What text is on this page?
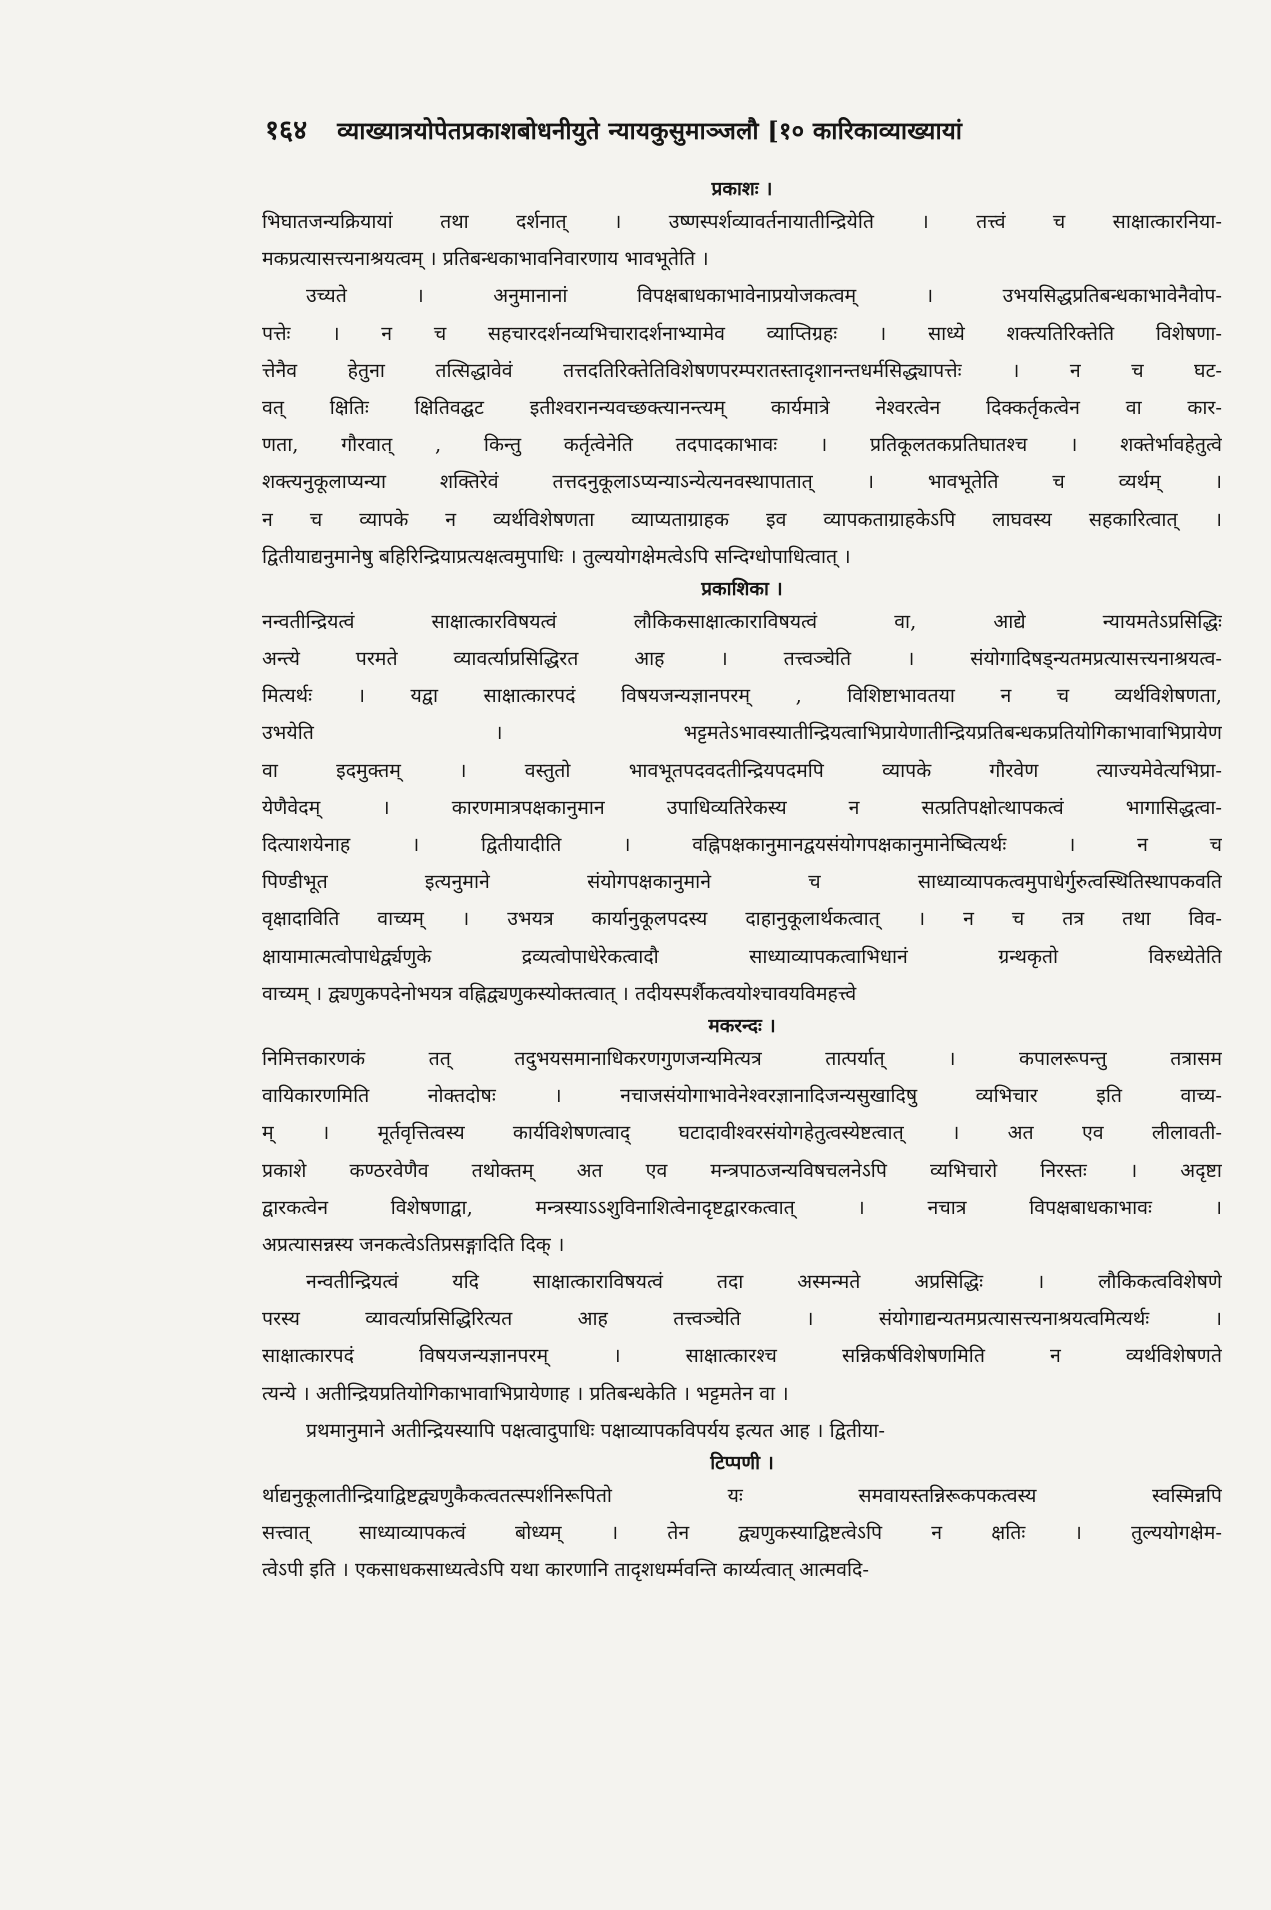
१६४ व्याख्यात्रयोपेतप्रकाशबोधनीयुते न्यायकुसुमाञ्जलौ [१० कारिकाव्याख्यायां
प्रकाशः ।
भिघातजन्यक्रियायां तथा दर्शनात् । उष्णस्पर्शव्यावर्तनायातीन्द्रियेति । तत्त्वं च साक्षात्कारनिया-
मकप्रत्यासत्त्यनाश्रयत्वम् । प्रतिबन्धकाभावनिवारणाय भावभूतेति ।
उच्यते । अनुमानानां विपक्षबाधकाभावेनाप्रयोजकत्वम् । उभयसिद्धप्रतिबन्धकाभावेनैवोप-
पत्तेः । न च सहचारदर्शनव्यभिचारादर्शनाभ्यामेव व्याप्तिग्रहः । साध्ये शक्त्यतिरिक्तेति विशेषणा-
त्तेनैव हेतुना तत्सिद्धावेवं तत्तदतिरिक्तेतिविशेषणपरम्परातस्तादृशानन्तधर्मसिद्ध्यापत्तेः । न च घट-
वत् क्षितिः क्षितिवद्घट इतीश्वरानन्यवच्छक्त्यानन्त्यम् कार्यमात्रे नेश्वरत्वेन दिक्कर्तृकत्वेन वा कार-
णता, गौरवात् , किन्तु कर्तृत्वेनेति तदपादकाभावः । प्रतिकूलतकप्रतिघातश्च । शक्तेर्भावहेतुत्वे
शक्त्यनुकूलाप्यन्या शक्तिरेवं तत्तदनुकूलाऽप्यन्याऽन्येत्यनवस्थापातात् । भावभूतेति च व्यर्थम् ।
न च व्यापके न व्यर्थविशेषणता व्याप्यताग्राहक इव व्यापकताग्राहकेऽपि लाघवस्य सहकारित्वात् ।
द्वितीयाद्यनुमानेषु बहिरिन्द्रियाप्रत्यक्षत्वमुपाधिः । तुल्ययोगक्षेमत्वेऽपि सन्दिग्धोपाधित्वात् ।
प्रकाशिका ।
नन्वतीन्द्रियत्वं साक्षात्कारविषयत्वं लौकिकसाक्षात्काराविषयत्वं वा, आद्ये न्यायमतेऽप्रसिद्धिः
अन्त्ये परमते व्यावर्त्याप्रसिद्धिरत आह । तत्त्वञ्चेति । संयोगादिषड्न्यतमप्रत्यासत्त्यनाश्रयत्व-
मित्यर्थः । यद्वा साक्षात्कारपदं विषयजन्यज्ञानपरम् , विशिष्टाभावतया न च व्यर्थविशेषणता,
उभयेति । भट्टमतेऽभावस्यातीन्द्रियत्वाभिप्रायेणातीन्द्रियप्रतिबन्धकप्रतियोगिकाभावाभिप्रायेण
वा इदमुक्तम् । वस्तुतो भावभूतपदवदतीन्द्रियपदमपि व्यापके गौरवेण त्याज्यमेवेत्यभिप्रा-
येणैवेदम् । कारणमात्रपक्षकानुमान उपाधिव्यतिरेकस्य न सत्प्रतिपक्षोत्थापकत्वं भागासिद्धत्वा-
दित्याशयेनाह । द्वितीयादीति । वह्निपक्षकानुमानद्वयसंयोगपक्षकानुमानेष्वित्यर्थः । न च
पिण्डीभूत इत्यनुमाने संयोगपक्षकानुमाने च साध्याव्यापकत्वमुपाधेर्गुरुत्वस्थितिस्थापकवति
वृक्षादाविति वाच्यम् । उभयत्र कार्यानुकूलपदस्य दाहानुकूलार्थकत्वात् । न च तत्र तथा विव-
क्षायामात्मत्वोपाधेर्द्व्यणुके द्रव्यत्वोपाधेरेकत्वादौ साध्याव्यापकत्वाभिधानं ग्रन्थकृतो विरुध्येतेति
वाच्यम् । द्व्यणुकपदेनोभयत्र वह्निद्व्यणुकस्योक्तत्वात् । तदीयस्पर्शैकत्वयोश्चावयविमहत्त्वे
मकरन्दः ।
निमित्तकारणकं तत् तदुभयसमानाधिकरणगुणजन्यमित्यत्र तात्पर्यात् । कपालरूपन्तु तत्रासम
वायिकारणमिति नोक्तदोषः । नचाजसंयोगाभावेनेश्वरज्ञानादिजन्यसुखादिषु व्यभिचार इति वाच्य-
म् । मूर्तवृत्तित्वस्य कार्यविशेषणत्वाद् घटादावीश्वरसंयोगहेतुत्वस्येष्टत्वात् । अत एव लीलावती-
प्रकाशे कण्ठरवेणैव तथोक्तम् अत एव मन्त्रपाठजन्यविषचलनेऽपि व्यभिचारो निरस्तः । अदृष्टा
द्वारकत्वेन विशेषणाद्वा, मन्त्रस्याऽऽशुविनाशित्वेनादृष्टद्वारकत्वात् । नचात्र विपक्षबाधकाभावः ।
अप्रत्यासन्नस्य जनकत्वेऽतिप्रसङ्गादिति दिक् ।
नन्वतीन्द्रियत्वं यदि साक्षात्काराविषयत्वं तदा अस्मन्मते अप्रसिद्धिः । लौकिकत्वविशेषणे
परस्य व्यावर्त्याप्रसिद्धिरित्यत आह तत्त्वञ्चेति । संयोगाद्यन्यतमप्रत्यासत्त्यनाश्रयत्वमित्यर्थः ।
साक्षात्कारपदं विषयजन्यज्ञानपरम् । साक्षात्कारश्च सन्निकर्षविशेषणमिति न व्यर्थविशेषणते
त्यन्ये । अतीन्द्रियप्रतियोगिकाभावाभिप्रायेणाह । प्रतिबन्धकेति । भट्टमतेन वा ।
प्रथमानुमाने अतीन्द्रियस्यापि पक्षत्वादुपाधिः पक्षाव्यापकविपर्यय इत्यत आह । द्वितीया-
टिप्पणी ।
र्थाद्यनुकूलातीन्द्रियाद्विष्टद्व्यणुकैकत्वतत्स्पर्शनिरूपितो यः समवायस्तन्निरूकपकत्वस्य स्वस्मिन्नपि
सत्त्वात् साध्याव्यापकत्वं बोध्यम् । तेन द्व्यणुकस्याद्विष्टत्वेऽपि न क्षतिः । तुल्ययोगक्षेम-
त्वेऽपी इति । एकसाधकसाध्यत्वेऽपि यथा कारणानि तादृशधर्म्मवन्ति कार्य्यत्वात् आत्मवदि-
